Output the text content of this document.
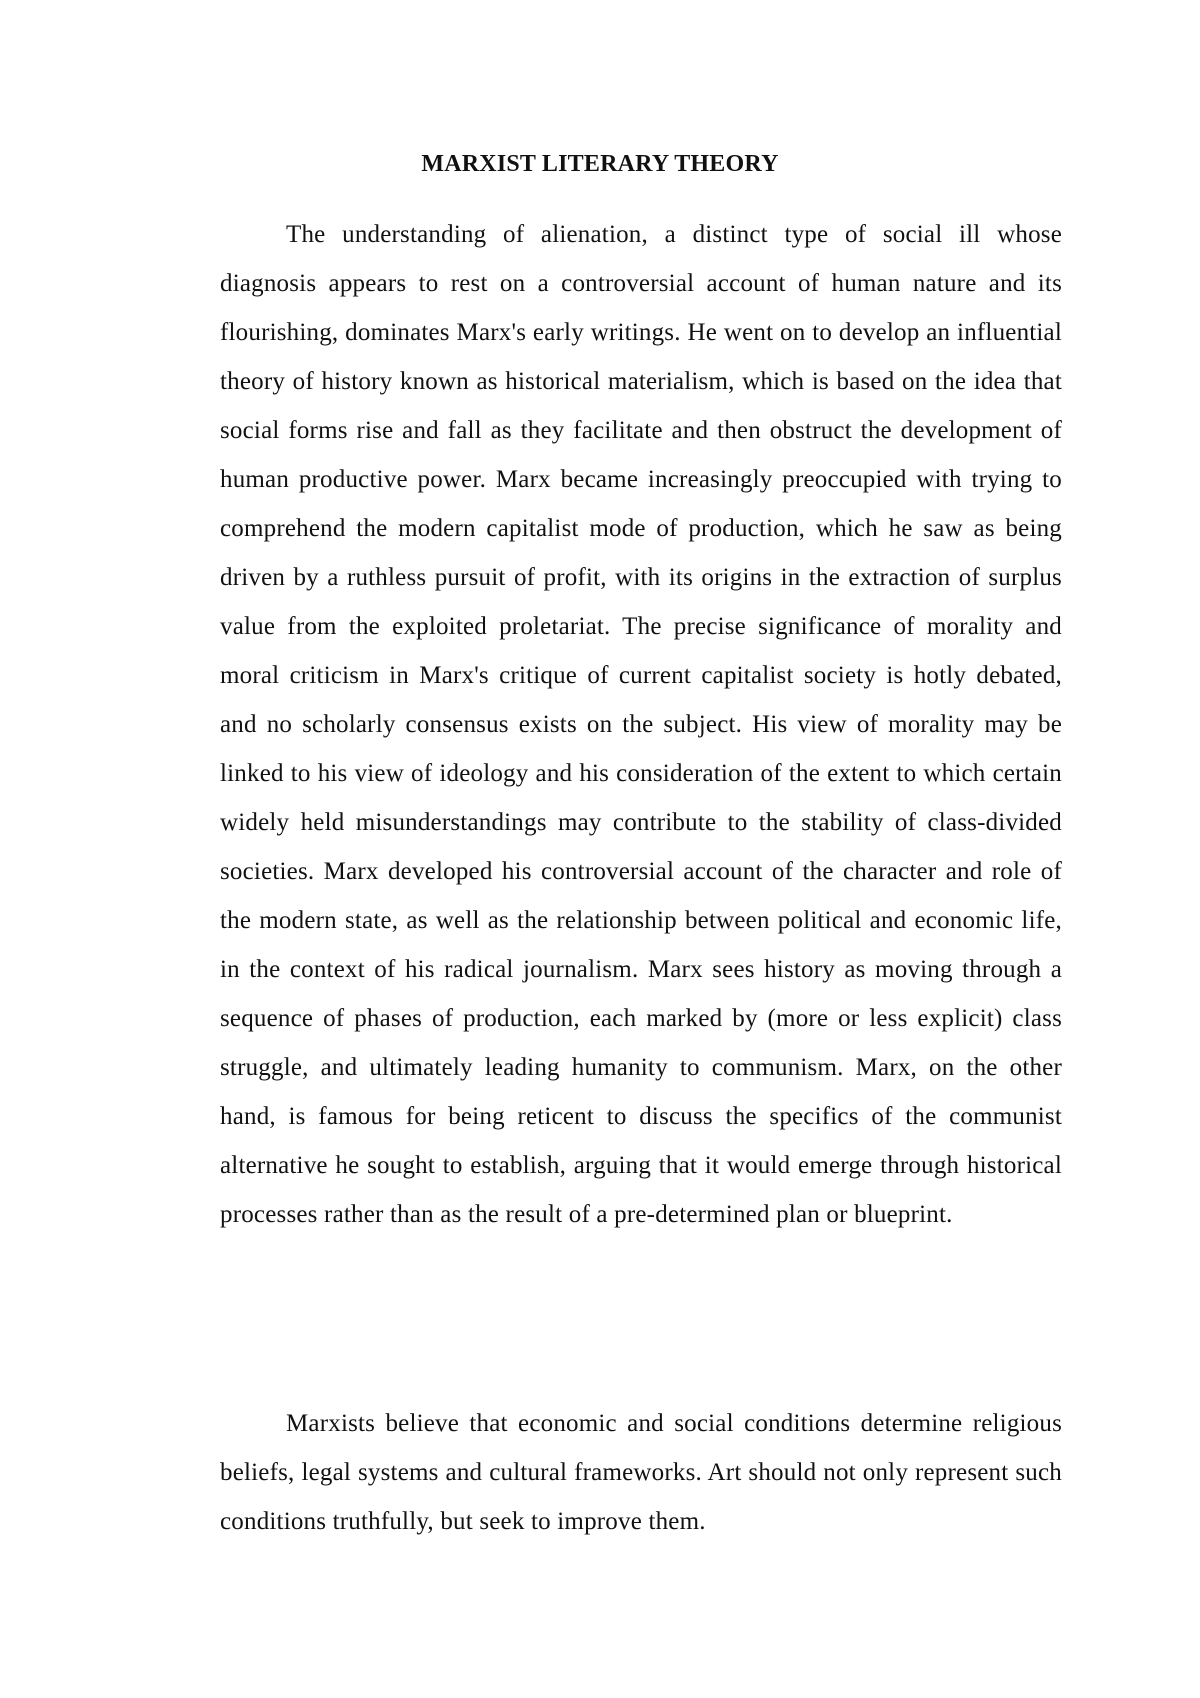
MARXIST LITERARY THEORY

The understanding of alienation, a distinct type of social ill whose diagnosis appears to rest on a controversial account of human nature and its flourishing, dominates Marx's early writings. He went on to develop an influential theory of history known as historical materialism, which is based on the idea that social forms rise and fall as they facilitate and then obstruct the development of human productive power. Marx became increasingly preoccupied with trying to comprehend the modern capitalist mode of production, which he saw as being driven by a ruthless pursuit of profit, with its origins in the extraction of surplus value from the exploited proletariat. The precise significance of morality and moral criticism in Marx's critique of current capitalist society is hotly debated, and no scholarly consensus exists on the subject. His view of morality may be linked to his view of ideology and his consideration of the extent to which certain widely held misunderstandings may contribute to the stability of class-divided societies. Marx developed his controversial account of the character and role of the modern state, as well as the relationship between political and economic life, in the context of his radical journalism. Marx sees history as moving through a sequence of phases of production, each marked by (more or less explicit) class struggle, and ultimately leading humanity to communism. Marx, on the other hand, is famous for being reticent to discuss the specifics of the communist alternative he sought to establish, arguing that it would emerge through historical processes rather than as the result of a pre-determined plan or blueprint.

Marxists believe that economic and social conditions determine religious beliefs, legal systems and cultural frameworks. Art should not only represent such conditions truthfully, but seek to improve them.
